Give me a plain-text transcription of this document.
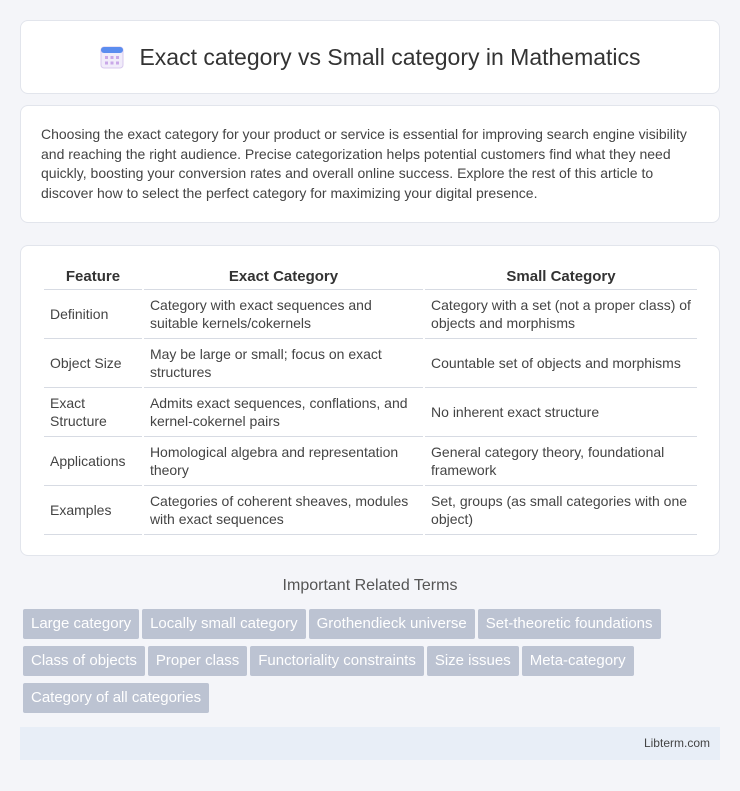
Exact category vs Small category in Mathematics

Choosing the exact category for your product or service is essential for improving search engine visibility and reaching the right audience. Precise categorization helps potential customers find what they need quickly, boosting your conversion rates and overall online success. Explore the rest of this article to discover how to select the perfect category for maximizing your digital presence.

Feature	Exact Category	Small Category
Definition	Category with exact sequences and suitable kernels/cokernels	Category with a set (not a proper class) of objects and morphisms
Object Size	May be large or small; focus on exact structures	Countable set of objects and morphisms
Exact Structure	Admits exact sequences, conflations, and kernel-cokernel pairs	No inherent exact structure
Applications	Homological algebra and representation theory	General category theory, foundational framework
Examples	Categories of coherent sheaves, modules with exact sequences	Set, groups (as small categories with one object)
Important Related Terms
Large category Locally small category Grothendieck universe Set-theoretic foundationsClass of objects Proper class Functoriality constraints Size issues Meta-categoryCategory of all categories
Libterm.com
